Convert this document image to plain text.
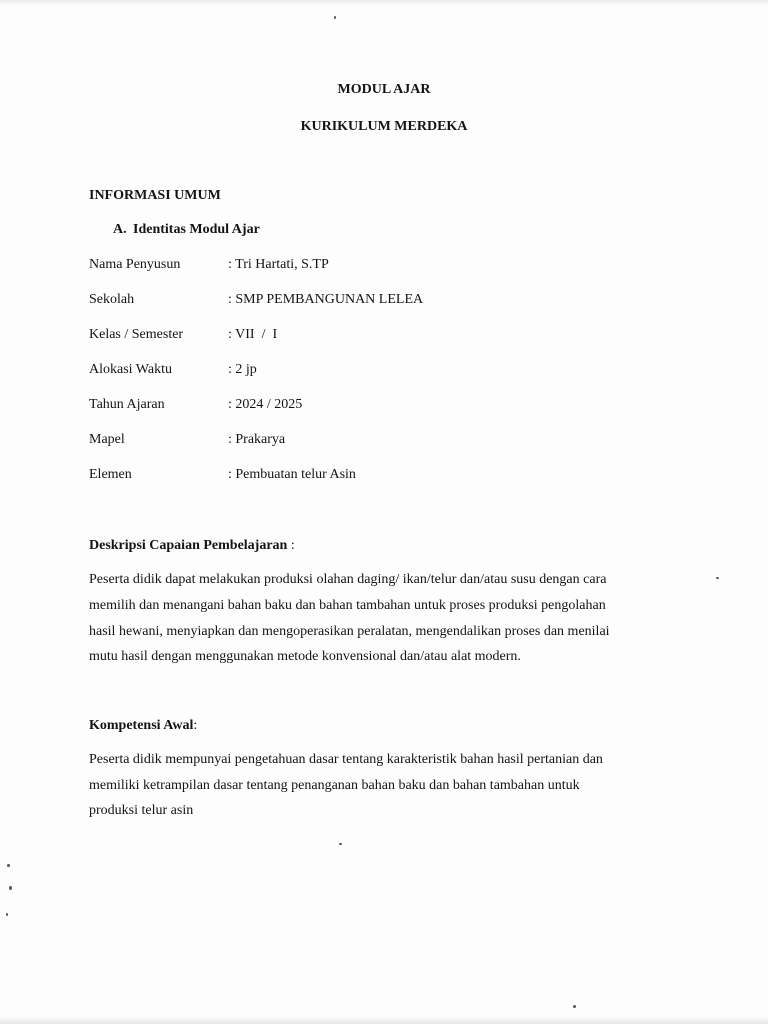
MODUL AJAR
KURIKULUM MERDEKA
INFORMASI UMUM
A. Identitas Modul Ajar
Nama Penyusun	: Tri Hartati, S.TP
Sekolah	: SMP PEMBANGUNAN LELEA
Kelas / Semester	: VII  /  I
Alokasi Waktu	: 2 jp
Tahun Ajaran	: 2024 / 2025
Mapel	: Prakarya
Elemen	: Pembuatan telur Asin
Deskripsi Capaian Pembelajaran :
Peserta didik dapat melakukan produksi olahan daging/ ikan/telur dan/atau susu dengan cara
memilih dan menangani bahan baku dan bahan tambahan untuk proses produksi pengolahan
hasil hewani, menyiapkan dan mengoperasikan peralatan, mengendalikan proses dan menilai
mutu hasil dengan menggunakan metode konvensional dan/atau alat modern.
Kompetensi Awal:
Peserta didik mempunyai pengetahuan dasar tentang karakteristik bahan hasil pertanian dan
memiliki ketrampilan dasar tentang penanganan bahan baku dan bahan tambahan untuk
produksi telur asin
